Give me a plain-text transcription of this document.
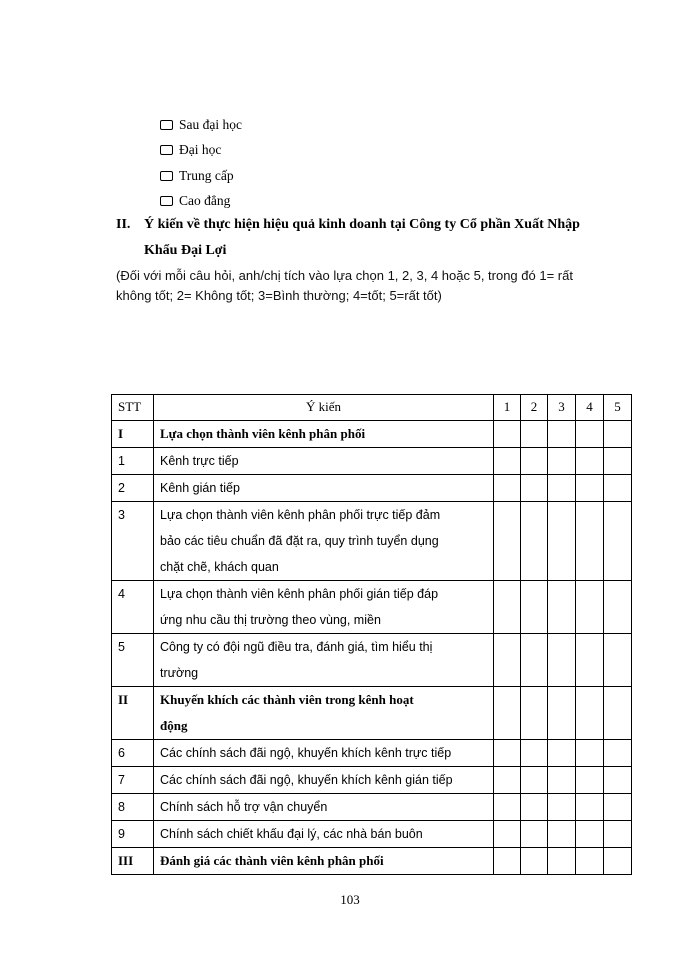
Sau đại học
Đại học
Trung cấp
Cao đẳng
II. Ý kiến về thực hiện hiệu quả kinh doanh tại Công ty Cổ phần Xuất Nhập
Khẩu Đại Lợi
(Đối với mỗi câu hỏi, anh/chị tích vào lựa chọn 1, 2, 3, 4 hoặc 5, trong đó 1= rất
không tốt; 2= Không tốt; 3=Bình thường; 4=tốt; 5=rất tốt)
STT	Ý kiến	1	2	3	4	5
I	Lựa chọn thành viên kênh phân phối					

1	Kênh trực tiếp					

2	Kênh gián tiếp					

3	Lựa chọn thành viên kênh phân phối trực tiếp đảm
bảo các tiêu chuẩn đã đặt ra, quy trình tuyển dụng
chặt chẽ, khách quan					

4	Lựa chọn thành viên kênh phân phối gián tiếp đáp
ứng nhu cầu thị trường theo vùng, miền					

5	Công ty có đội ngũ điều tra, đánh giá, tìm hiểu thị
trường					

II	Khuyến khích các thành viên trong kênh hoạt
động					

6	Các chính sách đãi ngộ, khuyến khích kênh trực tiếp					

7	Các chính sách đãi ngộ, khuyến khích kênh gián tiếp					

8	Chính sách hỗ trợ vận chuyển					

9	Chính sách chiết khấu đại lý, các nhà bán buôn					

III	Đánh giá các thành viên kênh phân phối					

103
